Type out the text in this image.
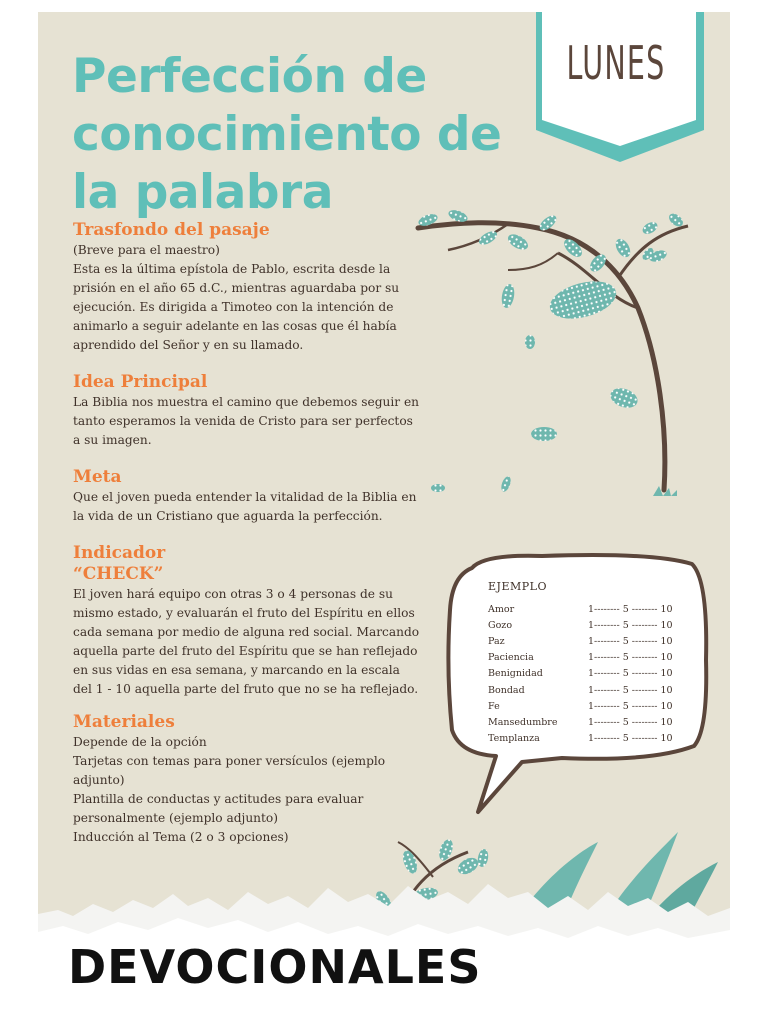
LUNES
Perfección de
conocimiento de
la palabra
Trasfondo del pasaje

(Breve para el maestro)
Esta es la última epístola de Pablo, escrita desde la
prisión en el año 65 d.C., mientras aguardaba por su
ejecución. Es dirigida a Timoteo con la intención de
animarlo a seguir adelante en las cosas que él había
aprendido del Señor y en su llamado.

Idea Principal

La Biblia nos muestra el camino que debemos seguir en
tanto esperamos la venida de Cristo para ser perfectos
a su imagen.

Meta

Que el joven pueda entender la vitalidad de la Biblia en
la vida de un Cristiano que aguarda la perfección.

Indicador
“CHECK”

El joven hará equipo con otras 3 o 4 personas de su
mismo estado, y evaluarán el fruto del Espíritu en ellos
cada semana por medio de alguna red social. Marcando
aquella parte del fruto del Espíritu que se han reflejado
en sus vidas en esa semana, y marcando en la escala
del 1 - 10 aquella parte del fruto que no se ha reflejado.

Materiales

Depende de la opción
Tarjetas con temas para poner versículos (ejemplo
adjunto)
Plantilla de conductas y actitudes para evaluar
personalmente (ejemplo adjunto)
Inducción al Tema (2 o 3 opciones)

EJEMPLO
Amor	1-------- 5 -------- 10
Gozo	1-------- 5 -------- 10
Paz	1-------- 5 -------- 10
Paciencia	1-------- 5 -------- 10
Benignidad	1-------- 5 -------- 10
Bondad	1-------- 5 -------- 10
Fe	1-------- 5 -------- 10
Mansedumbre	1-------- 5 -------- 10
Templanza	1-------- 5 -------- 10
DEVOCIONALES
